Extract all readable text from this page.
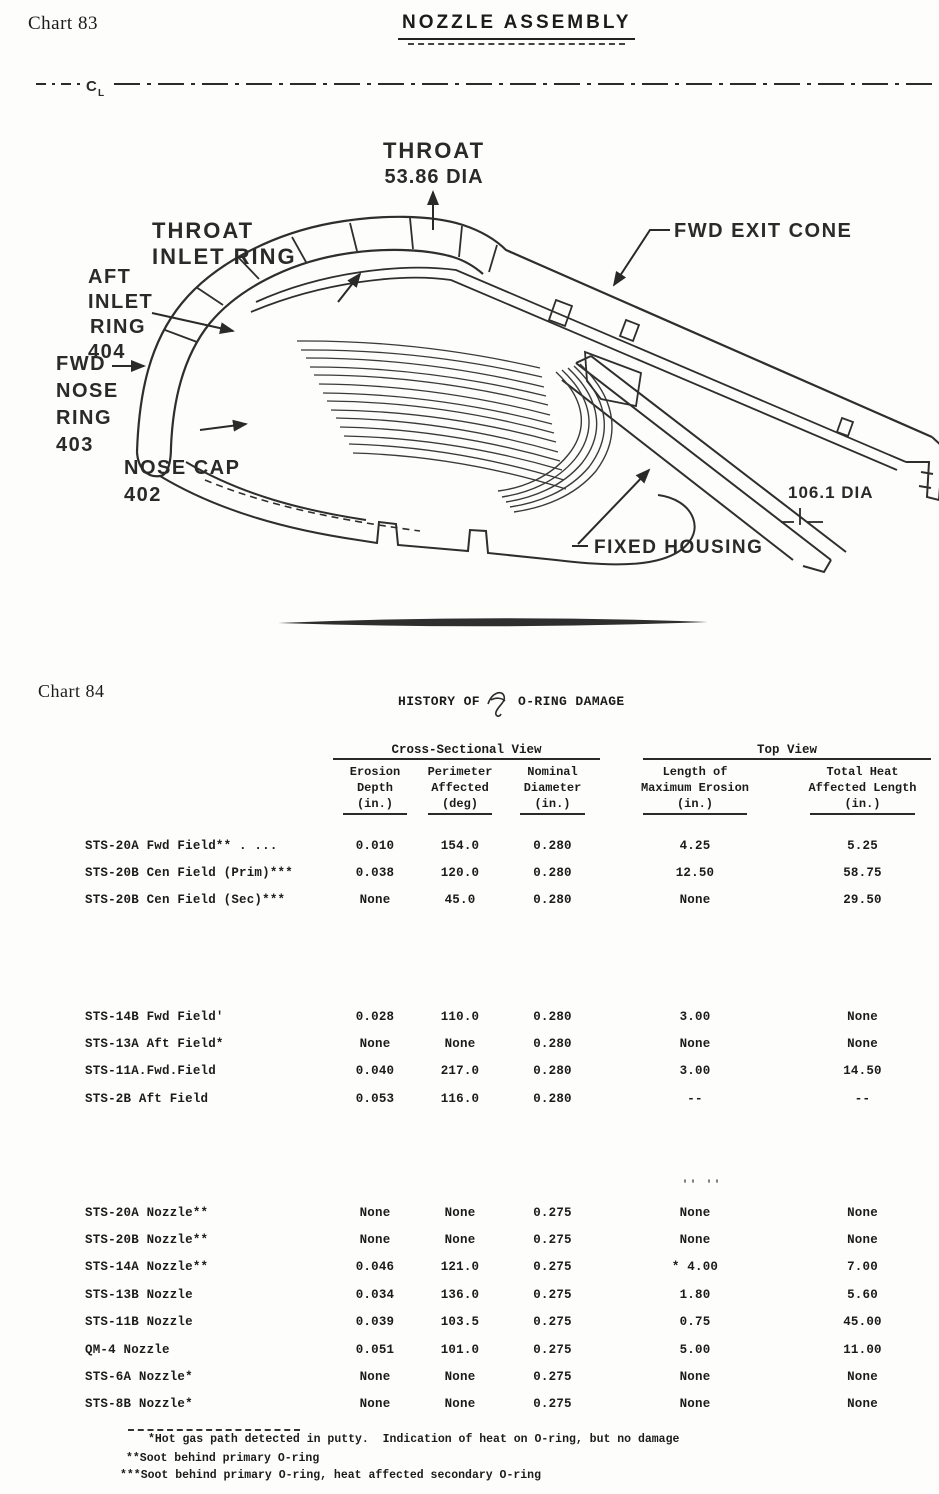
Chart 83	NOZZLE ASSEMBLY
C L
THROAT
53.86 DIA
THROAT
INLET RING
AFT
INLET
RING
404
FWD
NOSE
RING
403
NOSE CAP
402
FWD EXIT CONE
106.1 DIA
FIXED HOUSING
Chart 84
HISTORY OF	O-RING DAMAGE
Cross-Sectional View	Top View
Erosion
Depth
(in.)
Perimeter
Affected
(deg)
Nominal
Diameter
(in.)
Length of
Maximum Erosion
(in.)
Total Heat
Affected Length
(in.)
STS-20A Fwd Field** . ...	0.010	154.0	0.280	4.25	5.25
STS-20B Cen Field (Prim)***	0.038	120.0	0.280	12.50	58.75
STS-20B Cen Field (Sec)***	None	45.0	0.280	None	29.50
STS-14B Fwd Field'	0.028	110.0	0.280	3.00	None
STS-13A Aft Field*	None	None	0.280	None	None
STS-11A.Fwd.Field	0.040	217.0	0.280	3.00	14.50
STS-2B Aft Field	0.053	116.0	0.280	--	--
'' ''
STS-20A Nozzle**	None	None	0.275	None	None
STS-20B Nozzle**	None	None	0.275	None	None
STS-14A Nozzle**	0.046	121.0	0.275	* 4.00	7.00
STS-13B Nozzle	0.034	136.0	0.275	1.80	5.60
STS-11B Nozzle	0.039	103.5	0.275	0.75	45.00
QM-4 Nozzle	0.051	101.0	0.275	5.00	11.00
STS-6A Nozzle*	None	None	0.275	None	None
STS-8B Nozzle*	None	None	0.275	None	None
*Hot gas path detected in putty.  Indication of heat on O-ring, but no damage
**Soot behind primary O-ring
***Soot behind primary O-ring, heat affected secondary O-ring
